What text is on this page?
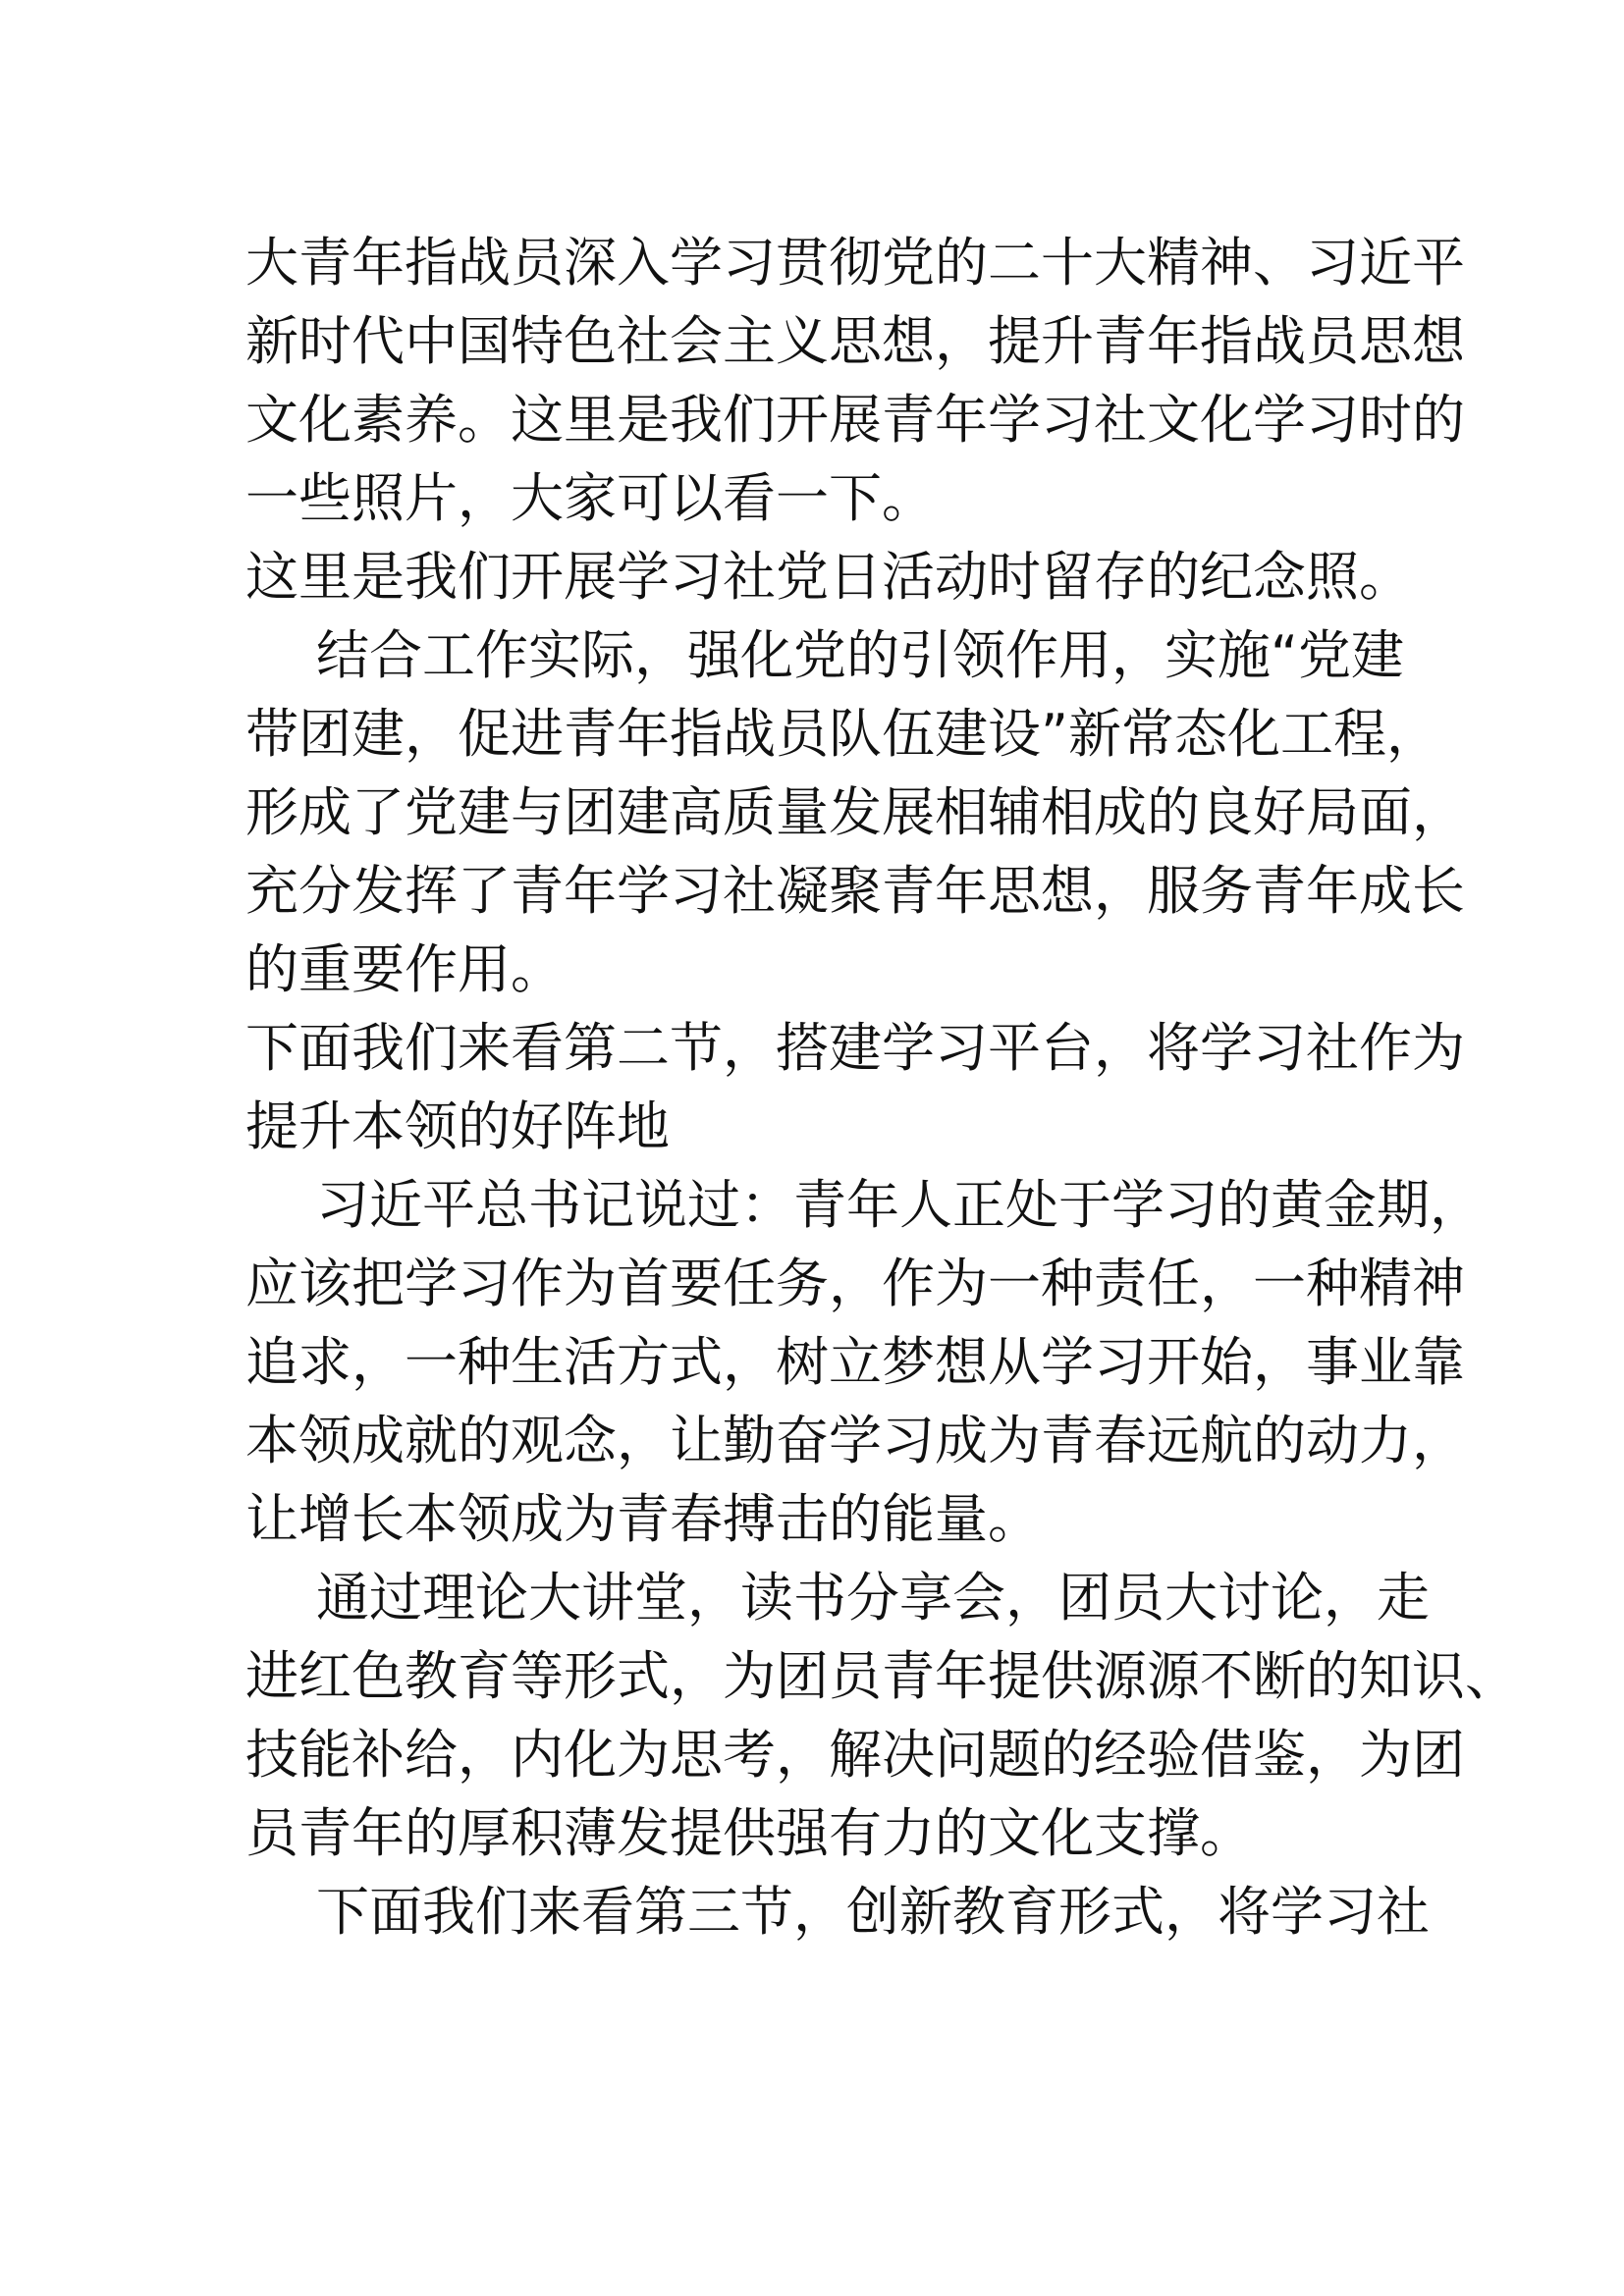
大青年指战员深入学习贯彻党的二十大精神、习近平
新时代中国特色社会主义思想，提升青年指战员思想
文化素养。这里是我们开展青年学习社文化学习时的
一些照片，大家可以看一下。
这里是我们开展学习社党日活动时留存的纪念照。
结合工作实际，强化党的引领作用，实施“党建
带团建，促进青年指战员队伍建设”新常态化工程，
形成了党建与团建高质量发展相辅相成的良好局面，
充分发挥了青年学习社凝聚青年思想，服务青年成长
的重要作用。
下面我们来看第二节，搭建学习平台，将学习社作为
提升本领的好阵地
习近平总书记说过：青年人正处于学习的黄金期，
应该把学习作为首要任务，作为一种责任，一种精神
追求，一种生活方式，树立梦想从学习开始，事业靠
本领成就的观念，让勤奋学习成为青春远航的动力，
让增长本领成为青春搏击的能量。
通过理论大讲堂，读书分享会，团员大讨论，走
进红色教育等形式，为团员青年提供源源不断的知识、
技能补给，内化为思考，解决问题的经验借鉴，为团
员青年的厚积薄发提供强有力的文化支撑。
下面我们来看第三节，创新教育形式，将学习社
